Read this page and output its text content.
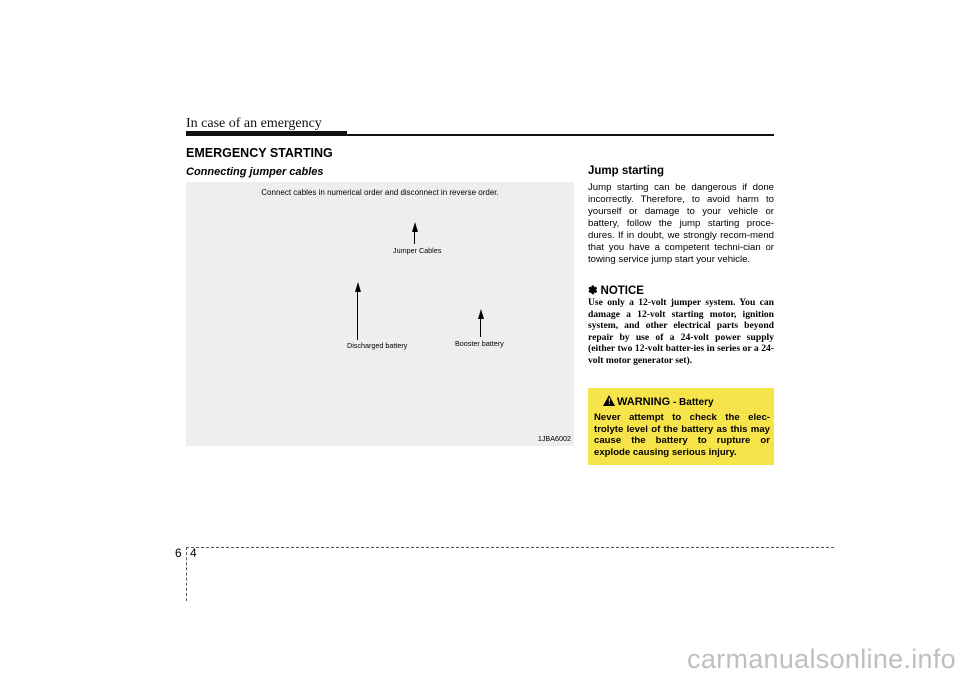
In case of an emergency
EMERGENCY STARTING
Connecting jumper cables
Connect cables in numerical order and disconnect in reverse order.
Jumper Cables
Discharged battery	Booster battery
1JBA6002
Jump starting
Jump starting can be dangerous if done incorrectly. Therefore, to avoid harm to yourself or damage to your vehicle or battery, follow the jump starting proce-dures. If in doubt, we strongly recom-mend that you have a competent techni-cian or towing service jump start your vehicle.
✽ NOTICE
Use only a 12-volt jumper system. You can damage a 12-volt starting motor, ignition system, and other electrical parts beyond repair by use of a 24-volt power supply (either two 12-volt batter-ies in series or a 24-volt motor generator set).
! WARNING - Battery
Never attempt to check the elec-trolyte level of the battery as this may cause the battery to rupture or explode causing serious injury.
6 4
carmanualsonline.info
